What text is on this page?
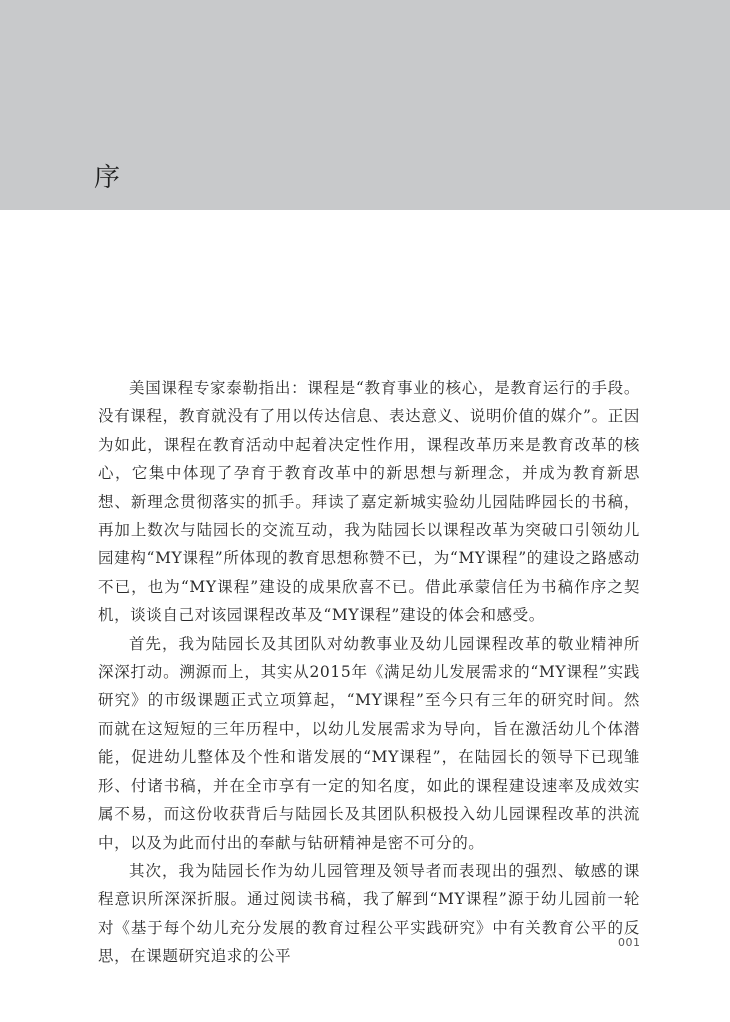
序

美国课程专家泰勒指出：课程是“教育事业的核心，是教育运行的手段。没有课程，教育就没有了用以传达信息、表达意义、说明价值的媒介”。正因为如此，课程在教育活动中起着决定性作用，课程改革历来是教育改革的核心，它集中体现了孕育于教育改革中的新思想与新理念，并成为教育新思想、新理念贯彻落实的抓手。拜读了嘉定新城实验幼儿园陆晔园长的书稿，再加上数次与陆园长的交流互动，我为陆园长以课程改革为突破口引领幼儿园建构“MY课程”所体现的教育思想称赞不已，为“MY课程”的建设之路感动不已，也为“MY课程”建设的成果欣喜不已。借此承蒙信任为书稿作序之契机，谈谈自己对该园课程改革及“MY课程”建设的体会和感受。

首先，我为陆园长及其团队对幼教事业及幼儿园课程改革的敬业精神所深深打动。溯源而上，其实从2015年《满足幼儿发展需求的“MY课程”实践研究》的市级课题正式立项算起，“MY课程”至今只有三年的研究时间。然而就在这短短的三年历程中，以幼儿发展需求为导向，旨在激活幼儿个体潜能，促进幼儿整体及个性和谐发展的“MY课程”，在陆园长的领导下已现雏形、付诸书稿，并在全市享有一定的知名度，如此的课程建设速率及成效实属不易，而这份收获背后与陆园长及其团队积极投入幼儿园课程改革的洪流中，以及为此而付出的奉献与钻研精神是密不可分的。

其次，我为陆园长作为幼儿园管理及领导者而表现出的强烈、敏感的课程意识所深深折服。通过阅读书稿，我了解到“MY课程”源于幼儿园前一轮对《基于每个幼儿充分发展的教育过程公平实践研究》中有关教育公平的反思，在课题研究追求的公平

001
